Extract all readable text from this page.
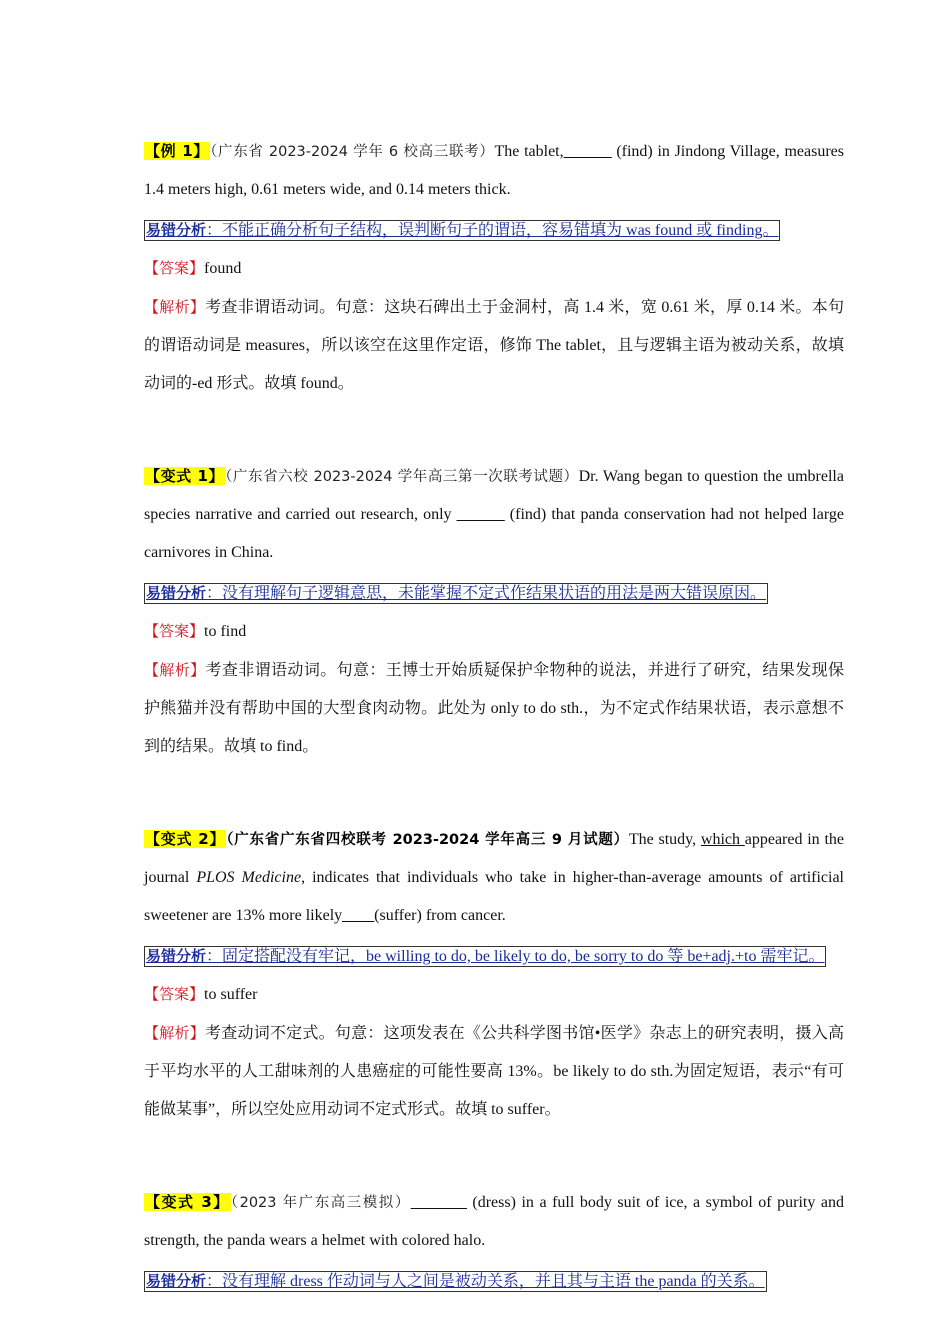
【例 1】（广东省 2023-2024 学年 6 校高三联考）The tablet,______ (find) in Jindong Village, measures 1.4 meters high, 0.61 meters wide, and 0.14 meters thick.

易错分析：不能正确分析句子结构，误判断句子的谓语，容易错填为 was found 或 finding。

【答案】found

【解析】考查非谓语动词。句意：这块石碑出土于金洞村，高 1.4 米，宽 0.61 米，厚 0.14 米。本句的谓语动词是 measures，所以该空在这里作定语，修饰 The tablet，且与逻辑主语为被动关系，故填动词的-ed 形式。故填 found。

【变式 1】（广东省六校 2023-2024 学年高三第一次联考试题）Dr. Wang began to question the umbrella species narrative and carried out research, only ______ (find) that panda conservation had not helped large carnivores in China.

易错分析：没有理解句子逻辑意思，未能掌握不定式作结果状语的用法是两大错误原因。

【答案】to find

【解析】考查非谓语动词。句意：王博士开始质疑保护伞物种的说法，并进行了研究，结果发现保护熊猫并没有帮助中国的大型食肉动物。此处为 only to do sth.，为不定式作结果状语，表示意想不到的结果。故填 to find。

【变式 2】（广东省广东省四校联考 2023-2024 学年高三 9 月试题）The study, which appeared in the journal PLOS Medicine, indicates that individuals who take in higher-than-average amounts of artificial sweetener are 13% more likely____(suffer) from cancer.

易错分析：固定搭配没有牢记，be willing to do, be likely to do, be sorry to do 等 be+adj.+to 需牢记。

【答案】to suffer

【解析】考查动词不定式。句意：这项发表在《公共科学图书馆•医学》杂志上的研究表明，摄入高于平均水平的人工甜味剂的人患癌症的可能性要高 13%。be likely to do sth.为固定短语，表示“有可能做某事”，所以空处应用动词不定式形式。故填 to suffer。

【变式 3】（2023 年广东高三模拟）_______ (dress) in a full body suit of ice, a symbol of purity and strength, the panda wears a helmet with colored halo.

易错分析：没有理解 dress 作动词与人之间是被动关系，并且其与主语 the panda 的关系。
